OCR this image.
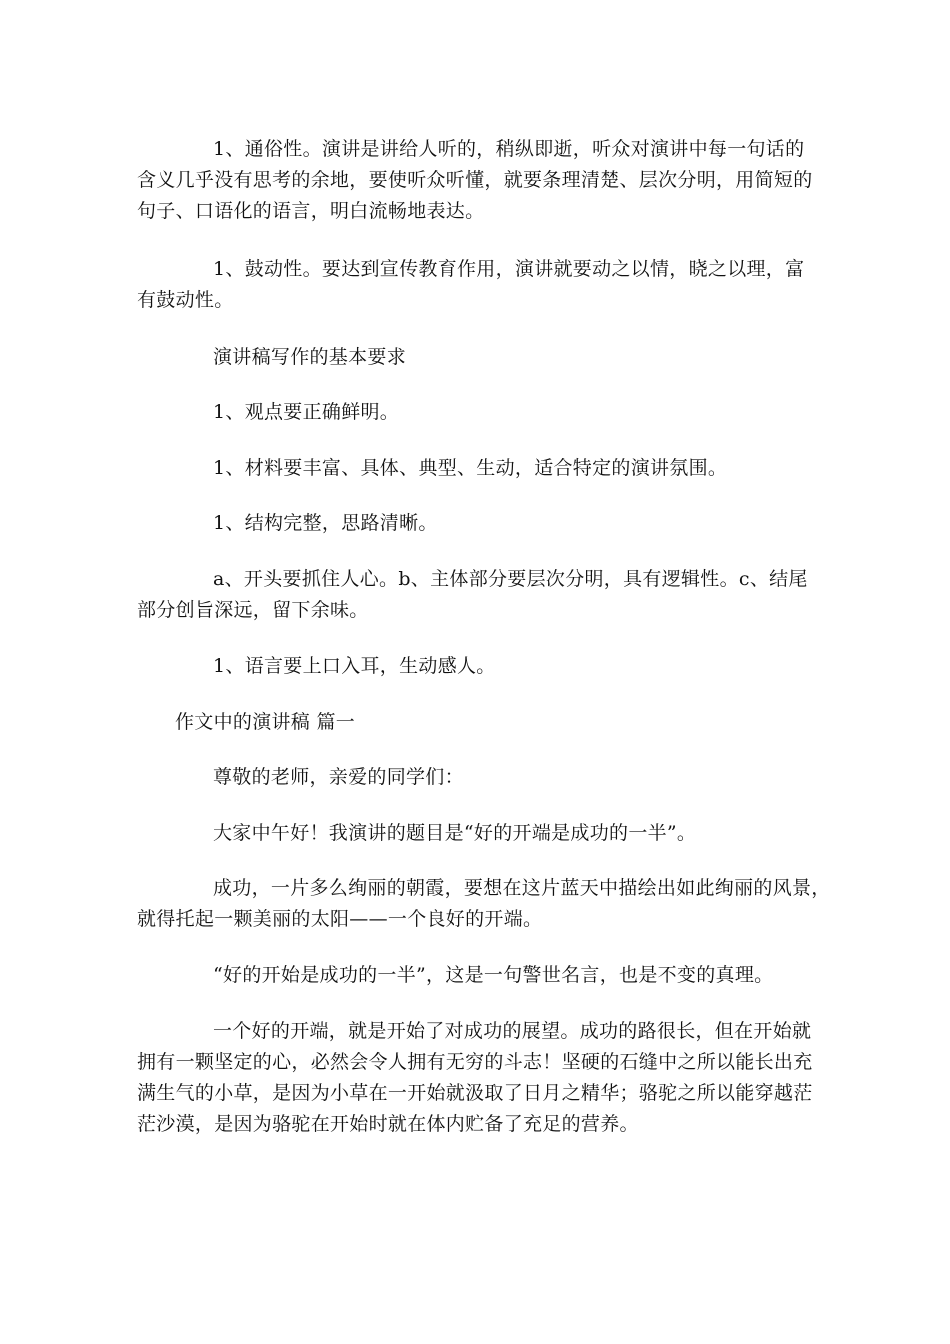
1、通俗性。演讲是讲给人听的，稍纵即逝，听众对演讲中每一句话的
含义几乎没有思考的余地，要使听众听懂，就要条理清楚、层次分明，用简短的
句子、口语化的语言，明白流畅地表达。

1、鼓动性。要达到宣传教育作用，演讲就要动之以情，晓之以理，富
有鼓动性。

演讲稿写作的基本要求

1、观点要正确鲜明。

1、材料要丰富、具体、典型、生动，适合特定的演讲氛围。

1、结构完整，思路清晰。

a、开头要抓住人心。b、主体部分要层次分明，具有逻辑性。c、结尾
部分创旨深远，留下余味。

1、语言要上口入耳，生动感人。

作文中的演讲稿 篇一

尊敬的老师，亲爱的同学们：

大家中午好！我演讲的题目是“好的开端是成功的一半”。

成功，一片多么绚丽的朝霞，要想在这片蓝天中描绘出如此绚丽的风景，
就得托起一颗美丽的太阳——一个良好的开端。

“好的开始是成功的一半”，这是一句警世名言，也是不变的真理。

一个好的开端，就是开始了对成功的展望。成功的路很长，但在开始就
拥有一颗坚定的心，必然会令人拥有无穷的斗志！坚硬的石缝中之所以能长出充
满生气的小草，是因为小草在一开始就汲取了日月之精华；骆驼之所以能穿越茫
茫沙漠，是因为骆驼在开始时就在体内贮备了充足的营养。
